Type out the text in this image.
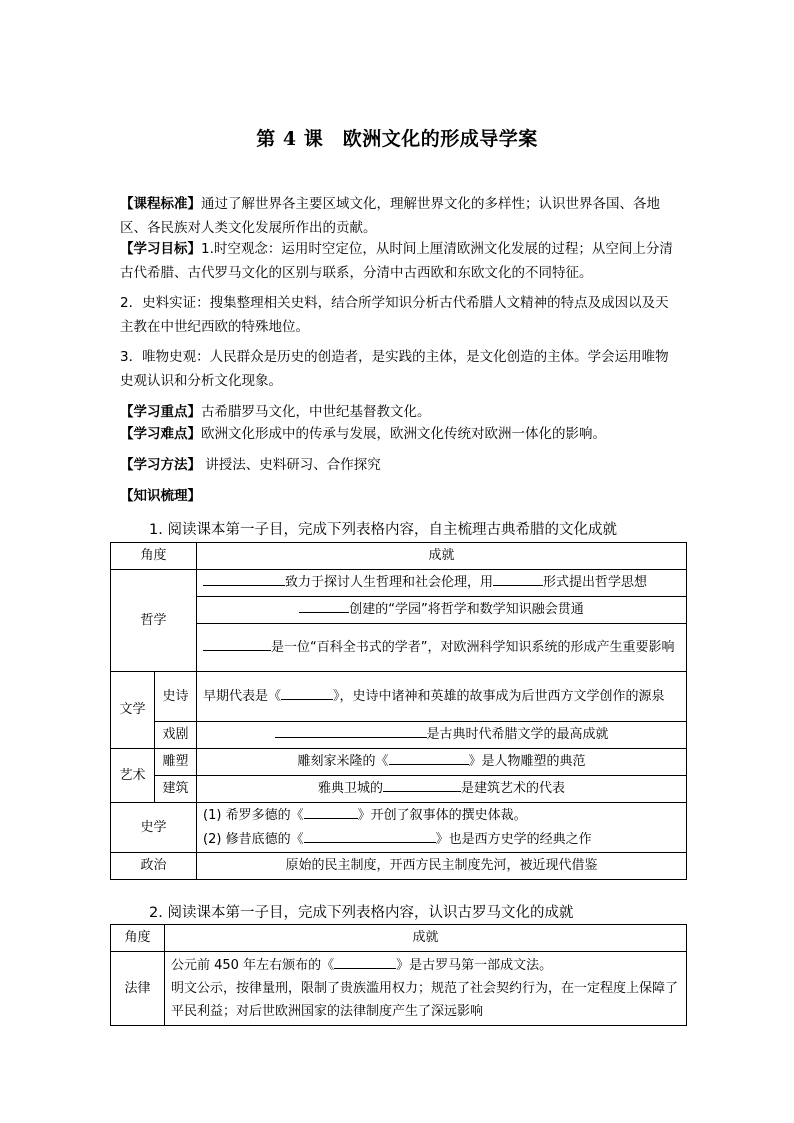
第 4 课　欧洲文化的形成导学案
【课程标准】通过了解世界各主要区域文化，理解世界文化的多样性；认识世界各国、各地区、各民族对人类文化发展所作出的贡献。
【学习目标】1.时空观念：运用时空定位，从时间上厘清欧洲文化发展的过程；从空间上分清古代希腊、古代罗马文化的区别与联系，分清中古西欧和东欧文化的不同特征。
2．史料实证：搜集整理相关史料，结合所学知识分析古代希腊人文精神的特点及成因以及天主教在中世纪西欧的特殊地位。
3．唯物史观：人民群众是历史的创造者，是实践的主体，是文化创造的主体。学会运用唯物史观认识和分析文化现象。
【学习重点】古希腊罗马文化，中世纪基督教文化。
【学习难点】欧洲文化形成中的传承与发展，欧洲文化传统对欧洲一体化的影响。
【学习方法】 讲授法、史料研习、合作探究
【知识梳理】
1. 阅读课本第一子目，完成下列表格内容，自主梳理古典希腊的文化成就
角度		成就
哲学		致力于探讨人生哲理和社会伦理，用 形式提出哲学思想
		创建的“学园”将哲学和数学知识融会贯通
		是一位“百科全书式的学者”，对欧洲科学知识系统的形成产生重要影响
文学	史诗	早期代表是《 》，史诗中诸神和英雄的故事成为后世西方文学创作的源泉
	戏剧	是古典时代希腊文学的最高成就
艺术	雕塑	雕刻家米隆的《 》是人物雕塑的典范
	建筑	雅典卫城的 是建筑艺术的代表
史学		(1) 希罗多德的《 》开创了叙事体的撰史体裁。
(2) 修昔底德的《 》也是西方史学的经典之作

政治		原始的民主制度，开西方民主制度先河，被近现代借鉴
2. 阅读课本第一子目，完成下列表格内容，认识古罗马文化的成就
角度	成就
法律	公元前 450 年左右颁布的《 》是古罗马第一部成文法。
明文公示，按律量刑，限制了贵族滥用权力；规范了社会契约行为，在一定程度上保障了平民利益；对后世欧洲国家的法律制度产生了深远影响
